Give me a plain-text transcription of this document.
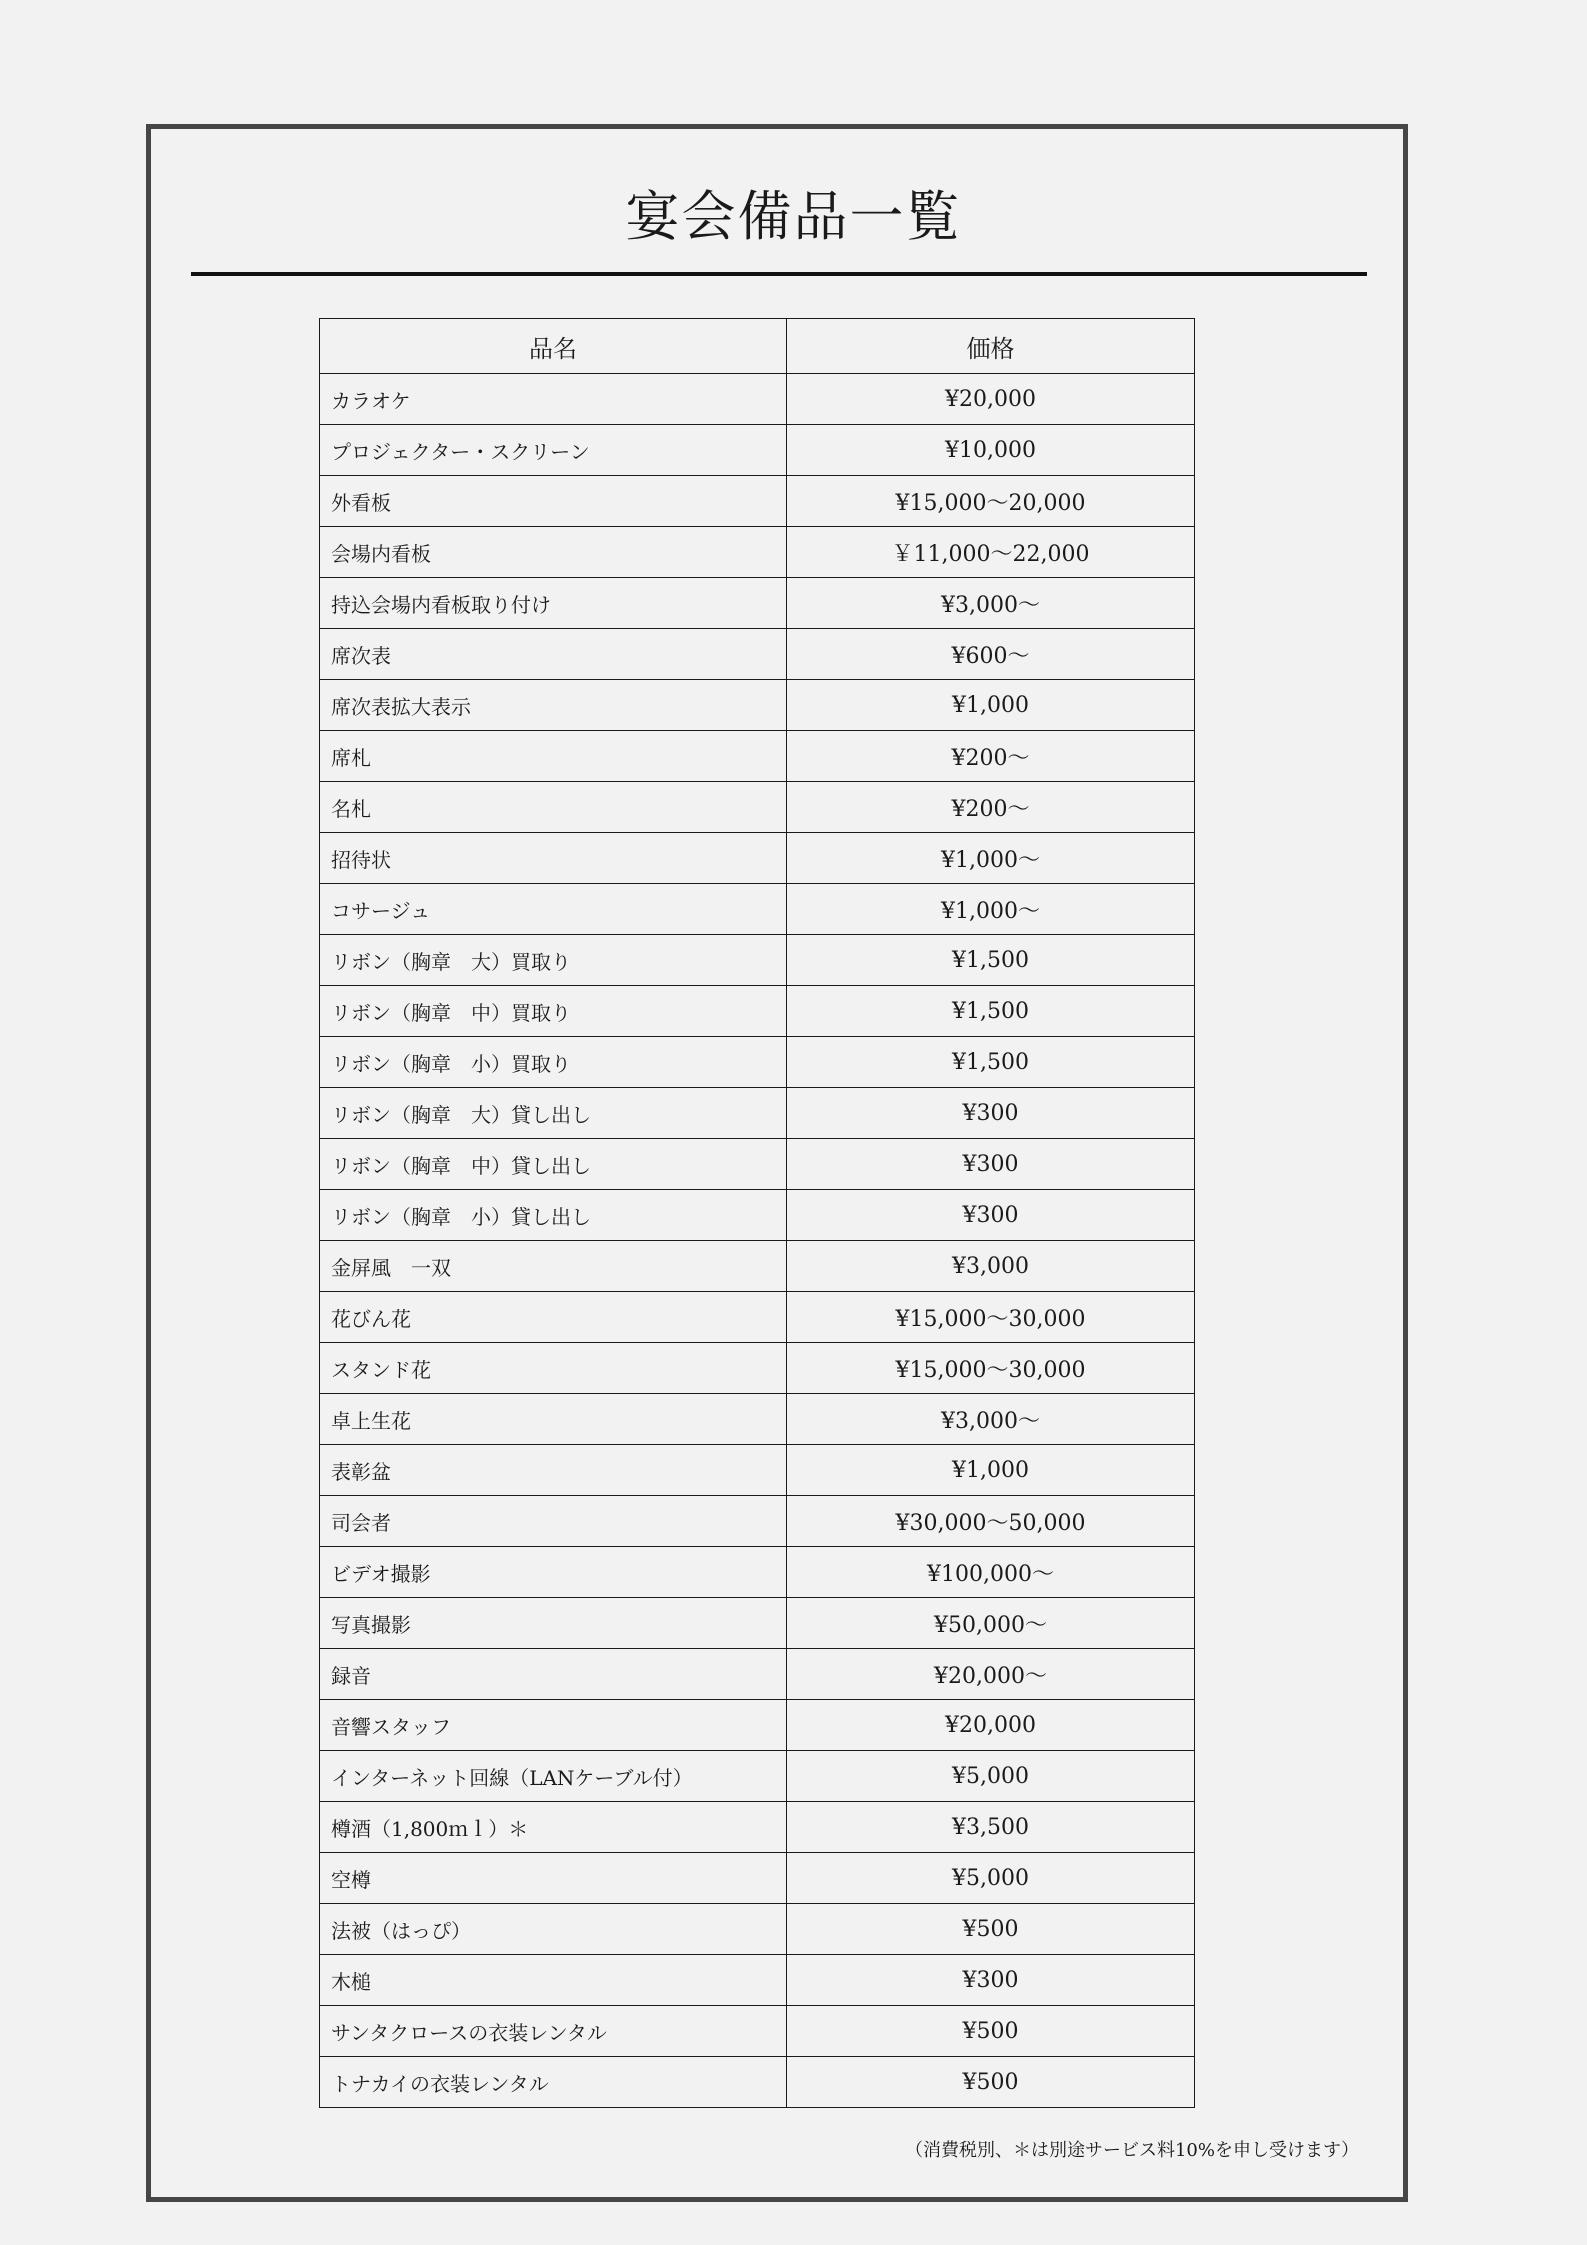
宴会備品一覧
品名	価格
カラオケ	¥20,000
プロジェクター・スクリーン	¥10,000
外看板	¥15,000～20,000
会場内看板	￥11,000～22,000
持込会場内看板取り付け	¥3,000～
席次表	¥600～
席次表拡大表示	¥1,000
席札	¥200～
名札	¥200～
招待状	¥1,000～
コサージュ	¥1,000～
リボン（胸章　大）買取り	¥1,500
リボン（胸章　中）買取り	¥1,500
リボン（胸章　小）買取り	¥1,500
リボン（胸章　大）貸し出し	¥300
リボン（胸章　中）貸し出し	¥300
リボン（胸章　小）貸し出し	¥300
金屏風　一双	¥3,000
花びん花	¥15,000～30,000
スタンド花	¥15,000～30,000
卓上生花	¥3,000～
表彰盆	¥1,000
司会者	¥30,000～50,000
ビデオ撮影	¥100,000～
写真撮影	¥50,000～
録音	¥20,000～
音響スタッフ	¥20,000
インターネット回線（LANケーブル付）	¥5,000
樽酒（1,800ｍｌ）＊	¥3,500
空樽	¥5,000
法被（はっぴ）	¥500
木槌	¥300
サンタクロースの衣装レンタル	¥500
トナカイの衣装レンタル	¥500
（消費税別、＊は別途サービス料10%を申し受けます）
